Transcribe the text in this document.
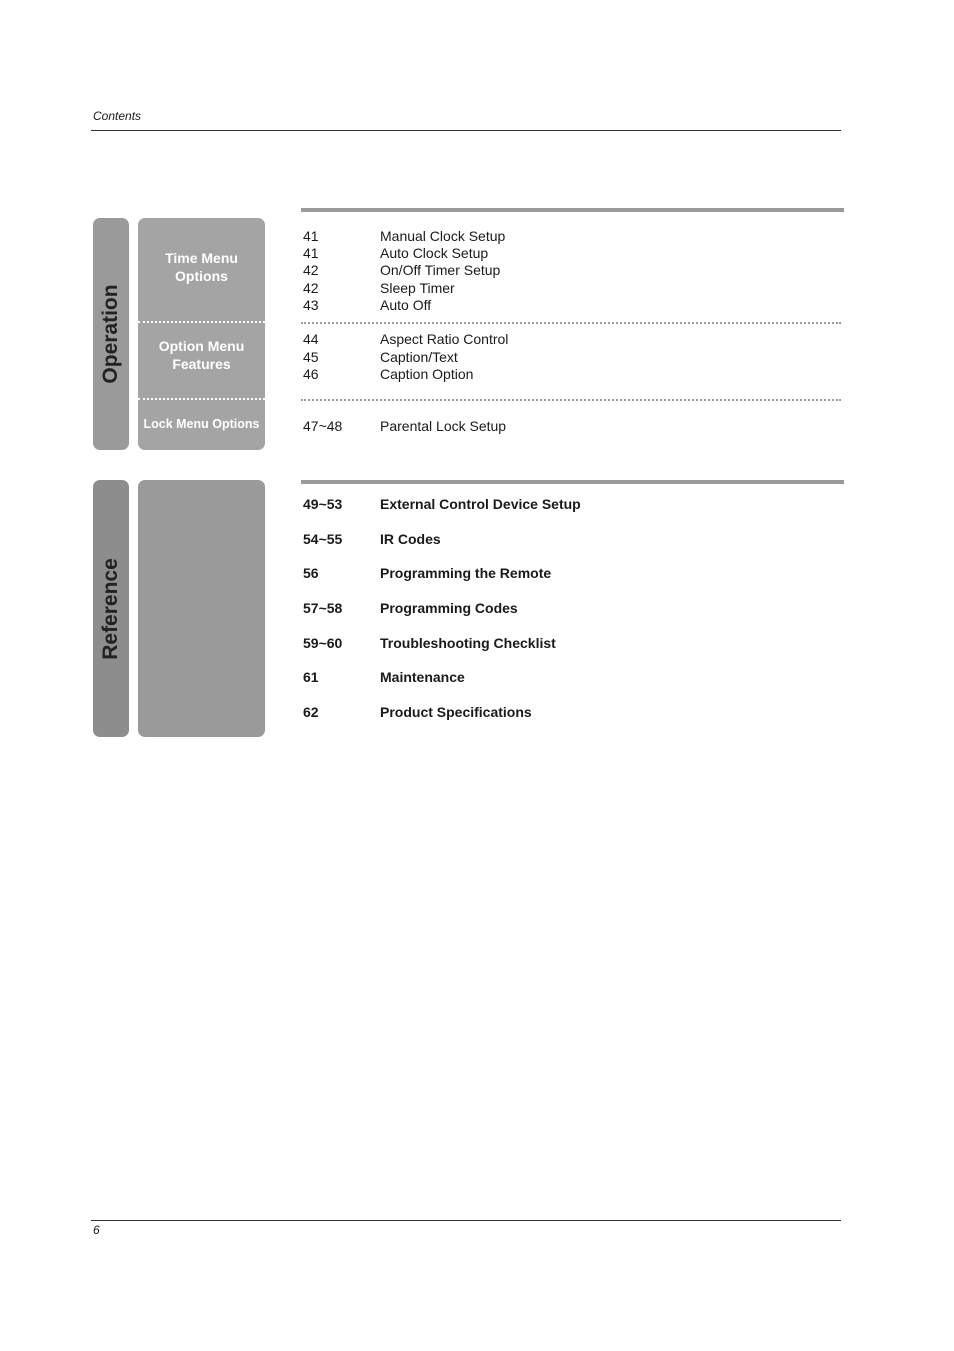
Contents
Operation
Time Menu
Options
Option Menu
Features
Lock Menu Options
41	Manual Clock Setup
41	Auto Clock Setup
42	On/Off Timer Setup
42	Sleep Timer
43	Auto Off
44	Aspect Ratio Control
45	Caption/Text
46	Caption Option
47~48	Parental Lock Setup
Reference
49~53	External Control Device Setup
54~55	IR Codes
56	Programming the Remote
57~58	Programming Codes
59~60	Troubleshooting Checklist
61	Maintenance
62	Product Specifications
6
